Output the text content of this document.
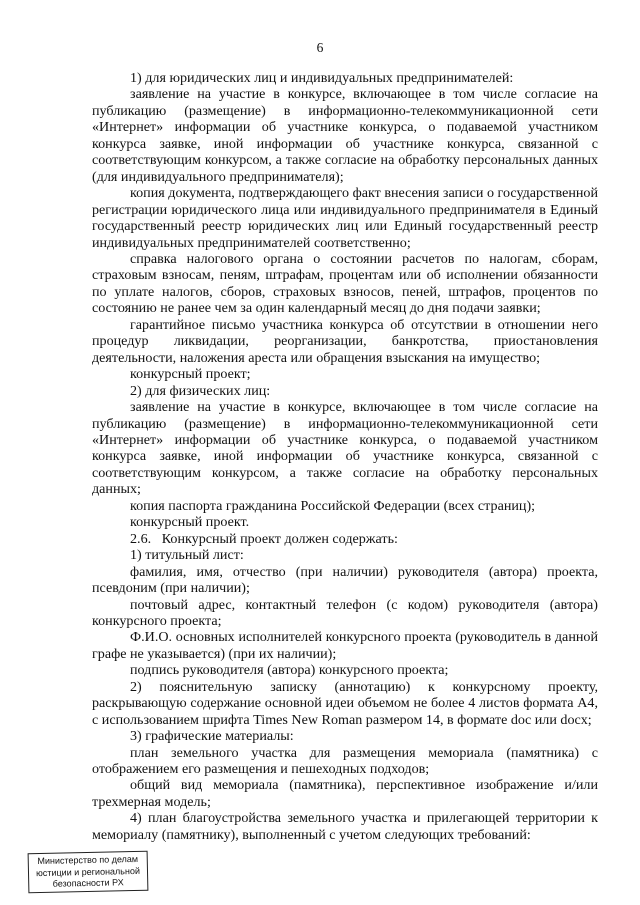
6

1) для юридических лиц и индивидуальных предпринимателей:

заявление на участие в конкурсе, включающее в том числе согласие на публикацию (размещение) в информационно-телекоммуникационной сети «Интернет» информации об участнике конкурса, о подаваемой участником конкурса заявке, иной информации об участнике конкурса, связанной с соответствующим конкурсом, а также согласие на обработку персональных данных (для индивидуального предпринимателя);

копия документа, подтверждающего факт внесения записи о государственной регистрации юридического лица или индивидуального предпринимателя в Единый государственный реестр юридических лиц или Единый государственный реестр индивидуальных предпринимателей соответственно;

справка налогового органа о состоянии расчетов по налогам, сборам, страховым взносам, пеням, штрафам, процентам или об исполнении обязанности по уплате налогов, сборов, страховых взносов, пеней, штрафов, процентов по состоянию не ранее чем за один календарный месяц до дня подачи заявки;

гарантийное письмо участника конкурса об отсутствии в отношении него процедур ликвидации, реорганизации, банкротства, приостановления деятельности, наложения ареста или обращения взыскания на имущество;

конкурсный проект;

2) для физических лиц:

заявление на участие в конкурсе, включающее в том числе согласие на публикацию (размещение) в информационно-телекоммуникационной сети «Интернет» информации об участнике конкурса, о подаваемой участником конкурса заявке, иной информации об участнике конкурса, связанной с соответствующим конкурсом, а также согласие на обработку персональных данных;

копия паспорта гражданина Российской Федерации (всех страниц);

конкурсный проект.

2.6.   Конкурсный проект должен содержать:

1) титульный лист:

фамилия, имя, отчество (при наличии) руководителя (автора) проекта, псевдоним (при наличии);

почтовый адрес, контактный телефон (с кодом) руководителя (автора) конкурсного проекта;

Ф.И.О. основных исполнителей конкурсного проекта (руководитель в данной графе не указывается) (при их наличии);

подпись руководителя (автора) конкурсного проекта;

2) пояснительную записку (аннотацию) к конкурсному проекту, раскрывающую содержание основной идеи объемом не более 4 листов формата А4, с использованием шрифта Times New Roman размером 14, в формате doc или docx;

3) графические материалы:

план земельного участка для размещения мемориала (памятника) с отображением его размещения и пешеходных подходов;

общий вид мемориала (памятника), перспективное изображение и/или трехмерная модель;

4) план благоустройства земельного участка и прилегающей территории к мемориалу (памятнику), выполненный с учетом следующих требований:

Министерство по делам
юстиции и региональной
безопасности РХ
